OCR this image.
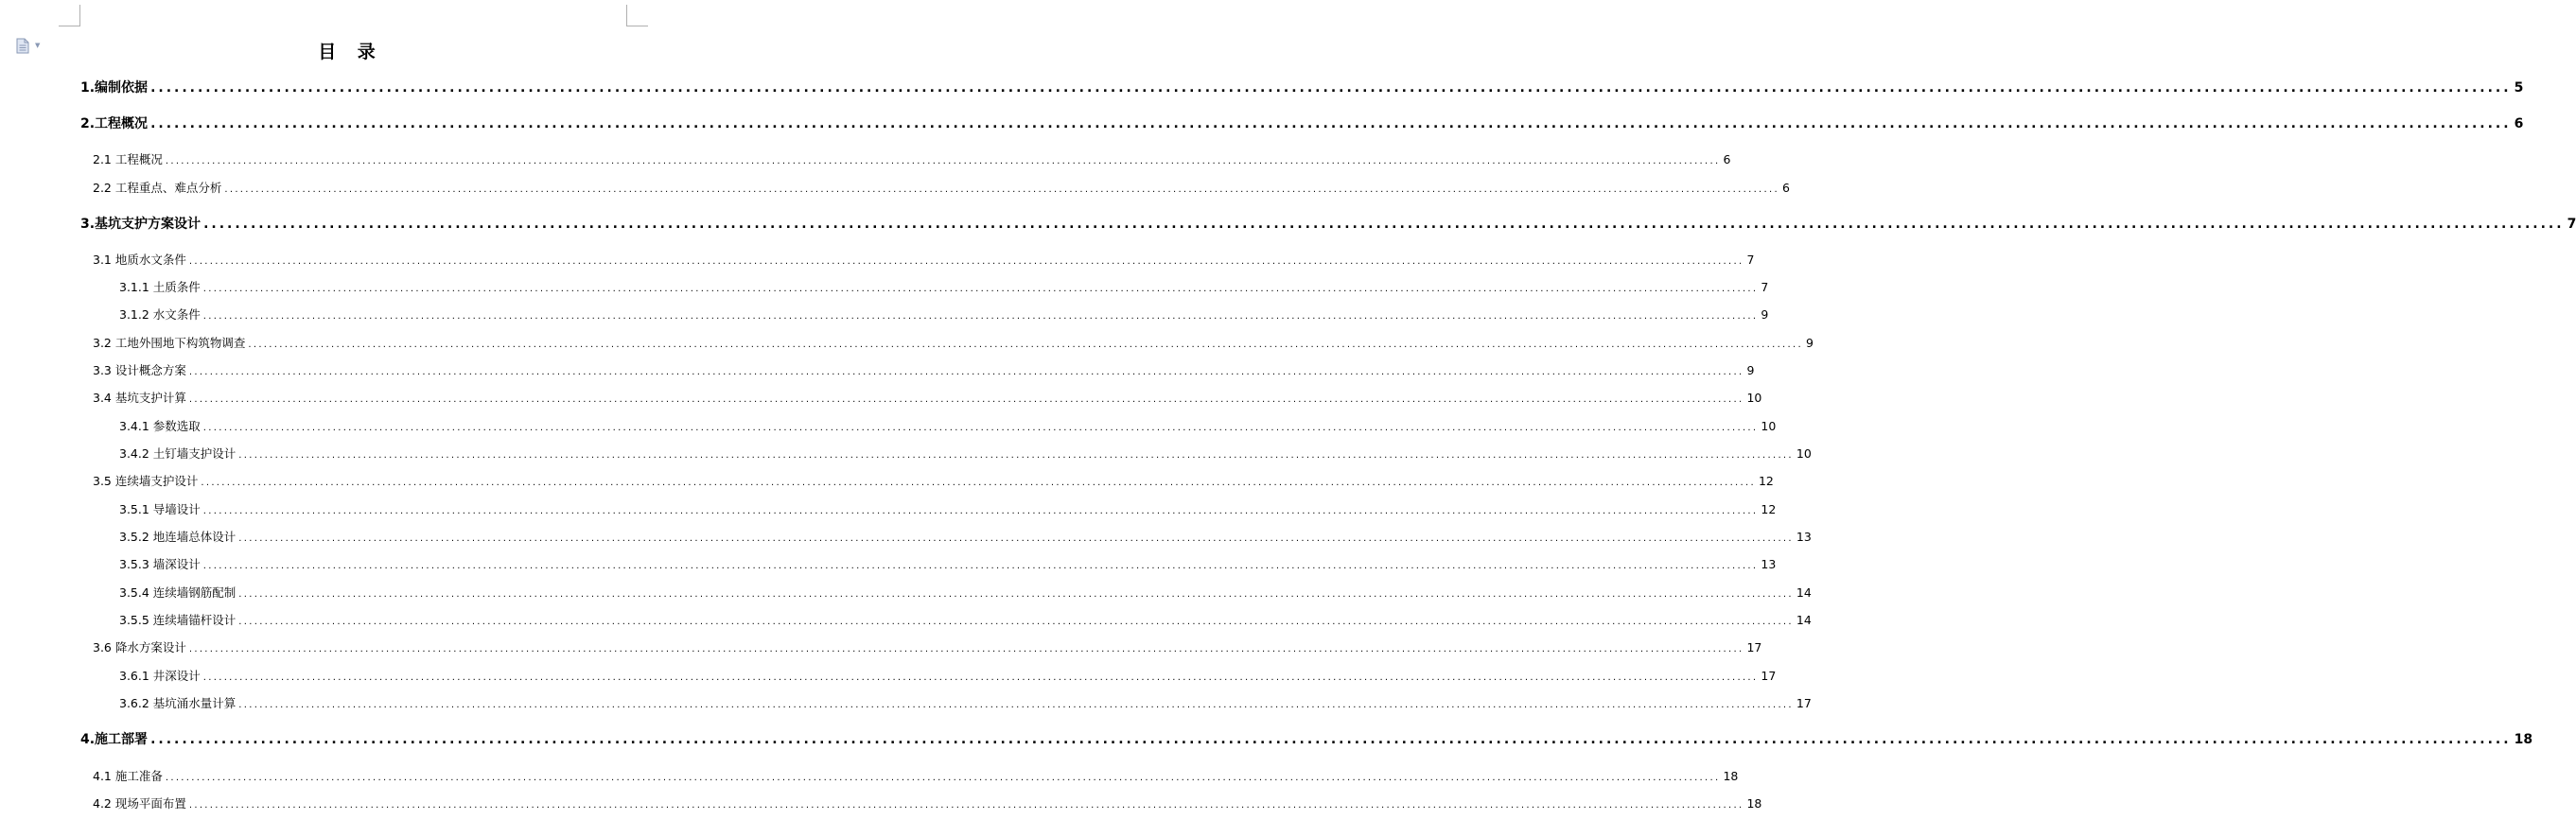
▼	目 录
1.编制依据 ............................................................................................................................................................................................................................................................................................................ 5
2.工程概况 ............................................................................................................................................................................................................................................................................................................ 6
2.1 工程概况 ............................................................................................................................................................................................................................................................................................................ 6
2.2 工程重点、难点分析 ............................................................................................................................................................................................................................................................................................................ 6
3.基坑支护方案设计 ............................................................................................................................................................................................................................................................................................................ 7
3.1 地质水文条件 ............................................................................................................................................................................................................................................................................................................ 7
3.1.1 土质条件 ............................................................................................................................................................................................................................................................................................................ 7
3.1.2 水文条件 ............................................................................................................................................................................................................................................................................................................ 9
3.2 工地外围地下构筑物调查 ............................................................................................................................................................................................................................................................................................................ 9
3.3 设计概念方案 ............................................................................................................................................................................................................................................................................................................ 9
3.4 基坑支护计算 ............................................................................................................................................................................................................................................................................................................ 10
3.4.1 参数选取 ............................................................................................................................................................................................................................................................................................................ 10
3.4.2 土钉墙支护设计 ............................................................................................................................................................................................................................................................................................................ 10
3.5 连续墙支护设计 ............................................................................................................................................................................................................................................................................................................ 12
3.5.1 导墙设计 ............................................................................................................................................................................................................................................................................................................ 12
3.5.2 地连墙总体设计 ............................................................................................................................................................................................................................................................................................................ 13
3.5.3 墙深设计 ............................................................................................................................................................................................................................................................................................................ 13
3.5.4 连续墙钢筋配制 ............................................................................................................................................................................................................................................................................................................ 14
3.5.5 连续墙锚杆设计 ............................................................................................................................................................................................................................................................................................................ 14
3.6 降水方案设计 ............................................................................................................................................................................................................................................................................................................ 17
3.6.1 井深设计 ............................................................................................................................................................................................................................................................................................................ 17
3.6.2 基坑涌水量计算 ............................................................................................................................................................................................................................................................................................................ 17
4.施工部署 ............................................................................................................................................................................................................................................................................................................ 18
4.1 施工准备 ............................................................................................................................................................................................................................................................................................................ 18
4.2 现场平面布置 ............................................................................................................................................................................................................................................................................................................ 18
